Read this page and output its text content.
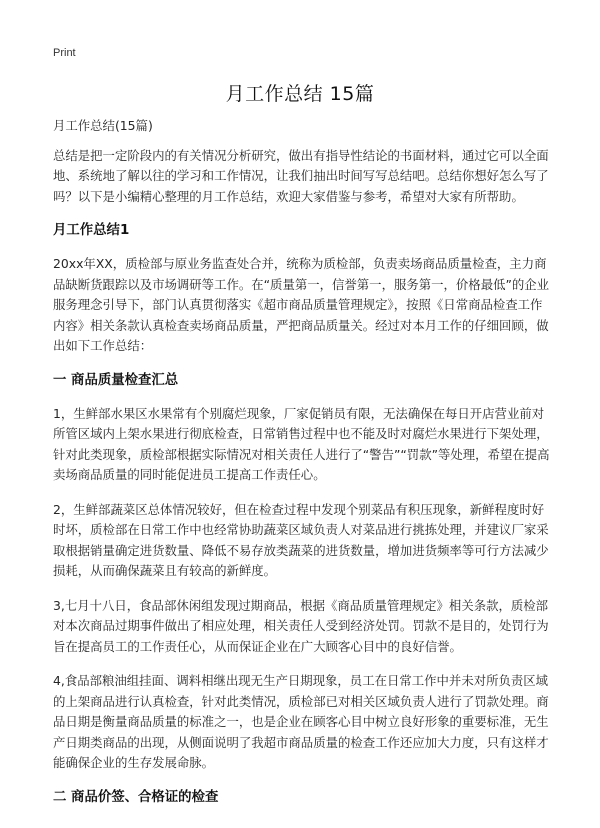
Print
月工作总结 15篇

月工作总结(15篇)

总结是把一定阶段内的有关情况分析研究，做出有指导性结论的书面材料，通过它可以全面地、系统地了解以往的学习和工作情况，让我们抽出时间写写总结吧。总结你想好怎么写了吗？以下是小编精心整理的月工作总结，欢迎大家借鉴与参考，希望对大家有所帮助。

月工作总结1

20xx年XX，质检部与原业务监查处合并，统称为质检部，负责卖场商品质量检查，主力商品缺断货跟踪以及市场调研等工作。在“质量第一，信誉第一，服务第一，价格最低”的企业服务理念引导下，部门认真贯彻落实《超市商品质量管理规定》，按照《日常商品检查工作内容》相关条款认真检查卖场商品质量，严把商品质量关。经过对本月工作的仔细回顾，做出如下工作总结：

一 商品质量检查汇总

1，生鲜部水果区水果常有个别腐烂现象，厂家促销员有限，无法确保在每日开店营业前对所管区域内上架水果进行彻底检查，日常销售过程中也不能及时对腐烂水果进行下架处理，针对此类现象，质检部根据实际情况对相关责任人进行了“警告”“罚款”等处理，希望在提高卖场商品质量的同时能促进员工提高工作责任心。

2，生鲜部蔬菜区总体情况较好，但在检查过程中发现个别菜品有积压现象，新鲜程度时好时坏，质检部在日常工作中也经常协助蔬菜区域负责人对菜品进行挑拣处理，并建议厂家采取根据销量确定进货数量、降低不易存放类蔬菜的进货数量，增加进货频率等可行方法减少损耗，从而确保蔬菜且有较高的新鲜度。

3,七月十八日，食品部休闲组发现过期商品，根据《商品质量管理规定》相关条款，质检部对本次商品过期事件做出了相应处理，相关责任人受到经济处罚。罚款不是目的，处罚行为旨在提高员工的工作责任心，从而保证企业在广大顾客心目中的良好信誉。

4,食品部粮油组挂面、调料相继出现无生产日期现象，员工在日常工作中并未对所负责区域的上架商品进行认真检查，针对此类情况，质检部已对相关区域负责人进行了罚款处理。商品日期是衡量商品质量的标准之一，也是企业在顾客心目中树立良好形象的重要标准，无生产日期类商品的出现，从侧面说明了我超市商品质量的检查工作还应加大力度，只有这样才能确保企业的生存发展命脉。

二 商品价签、合格证的检查
